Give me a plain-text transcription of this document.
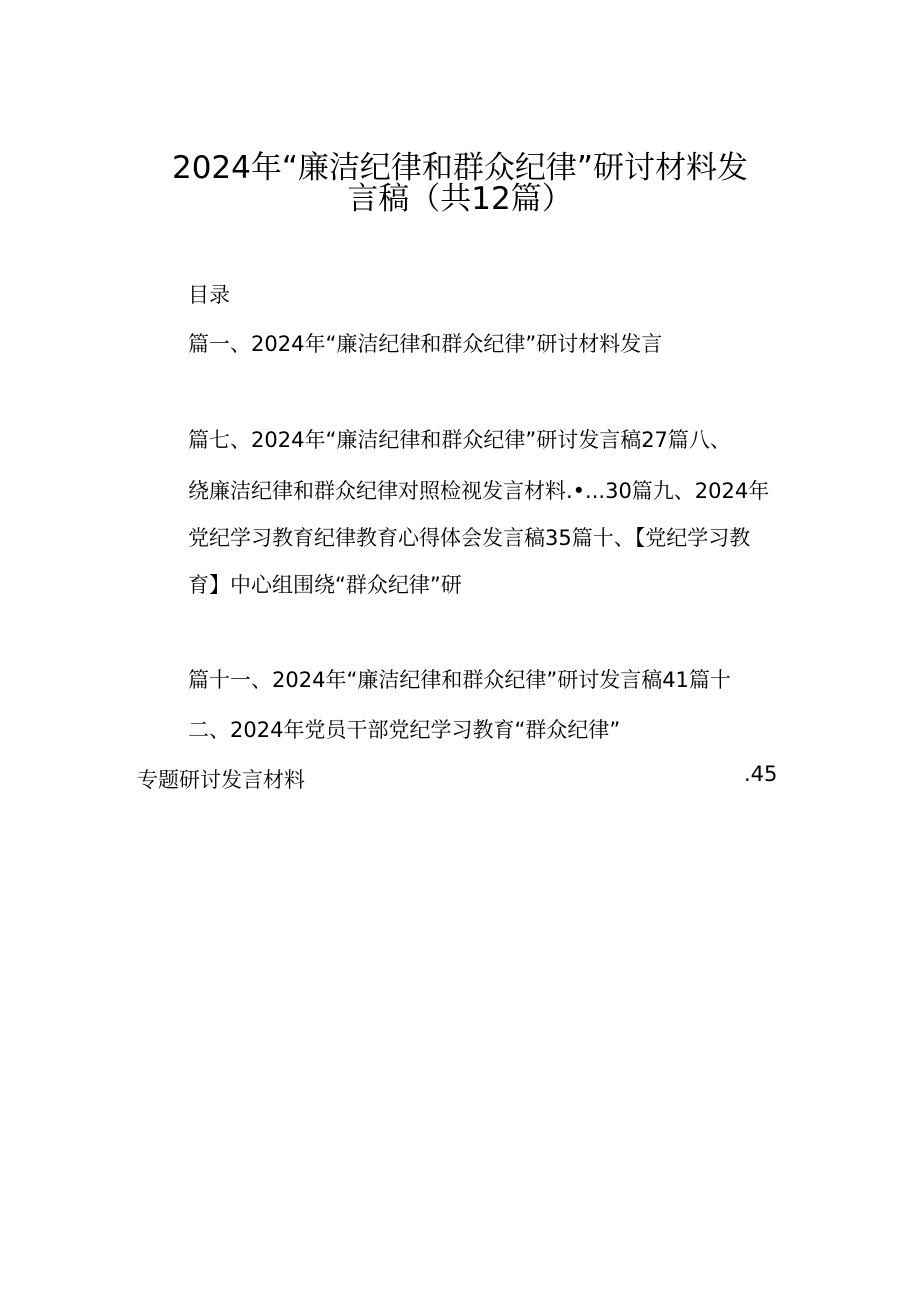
2024年“廉洁纪律和群众纪律”研讨材料发
言稿（共12篇）
目录
篇一、2024年“廉洁纪律和群众纪律”研讨材料发言
篇七、2024年“廉洁纪律和群众纪律”研讨发言稿27篇八、
绕廉洁纪律和群众纪律对照检视发言材料.•...30篇九、2024年
党纪学习教育纪律教育心得体会发言稿35篇十、【党纪学习教
育】中心组围绕“群众纪律”研
篇十一、2024年“廉洁纪律和群众纪律”研讨发言稿41篇十
二、2024年党员干部党纪学习教育“群众纪律”
专题研讨发言材料	.45
